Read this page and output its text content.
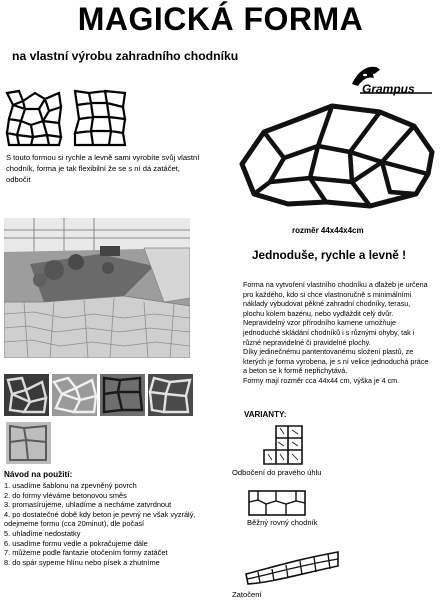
MAGICKÁ FORMA
na vlastní výrobu zahradního chodníku
Grampus
S touto formou si rychle a levně sami vyrobíte svůj vlastní chodník, forma je tak flexibilní že se s ní dá zatáčet, odbočit
rozměr 44x44x4cm
Jednoduše, rychle a levně !
Návod na použití:
1. usadíme šablonu na zpevněný povrch
2. do formy vléváme betonovou směs
3. promasírujeme, uhladíme a necháme zatvrdnout
4. po dostatečné době kdy beton je pevný ne však vyzrálý, odejmeme formu (cca 20minut), dle počasí
5. uhladíme nedostatky
6. usadíme formu vedle a pokračujeme dále
7. můžeme podle fantazie otočením formy zatáčet
8. do spár sypeme hlínu nebo písek a zhutníme

Forma na vytvoření vlastního chodníku a dlažeb je určena pro každého, kdo si chce vlastnoručně s minimálními náklady vybudovat pěkné zahradní chodníky, terasu, plochu kolem bazénu, nebo vydláždit celý dvůr. Nepravidelný vzor přírodního kamene umožňuje jednoduché skládání chodníků i s různými ohyby, tak i různé nepravidelné či pravidelné plochy.

Díky jedinečnému pantentovanému složení plastů, ze kterých je forma vyrobena, je s ní velice jednoduchá práce a beton se k formě nepřichytává.

Formy mají rozměr cca 44x44 cm, výška je 4 cm.

VARIANTY:
Odbočení do pravého úhlu
Běžný rovný chodník
Zatočení
